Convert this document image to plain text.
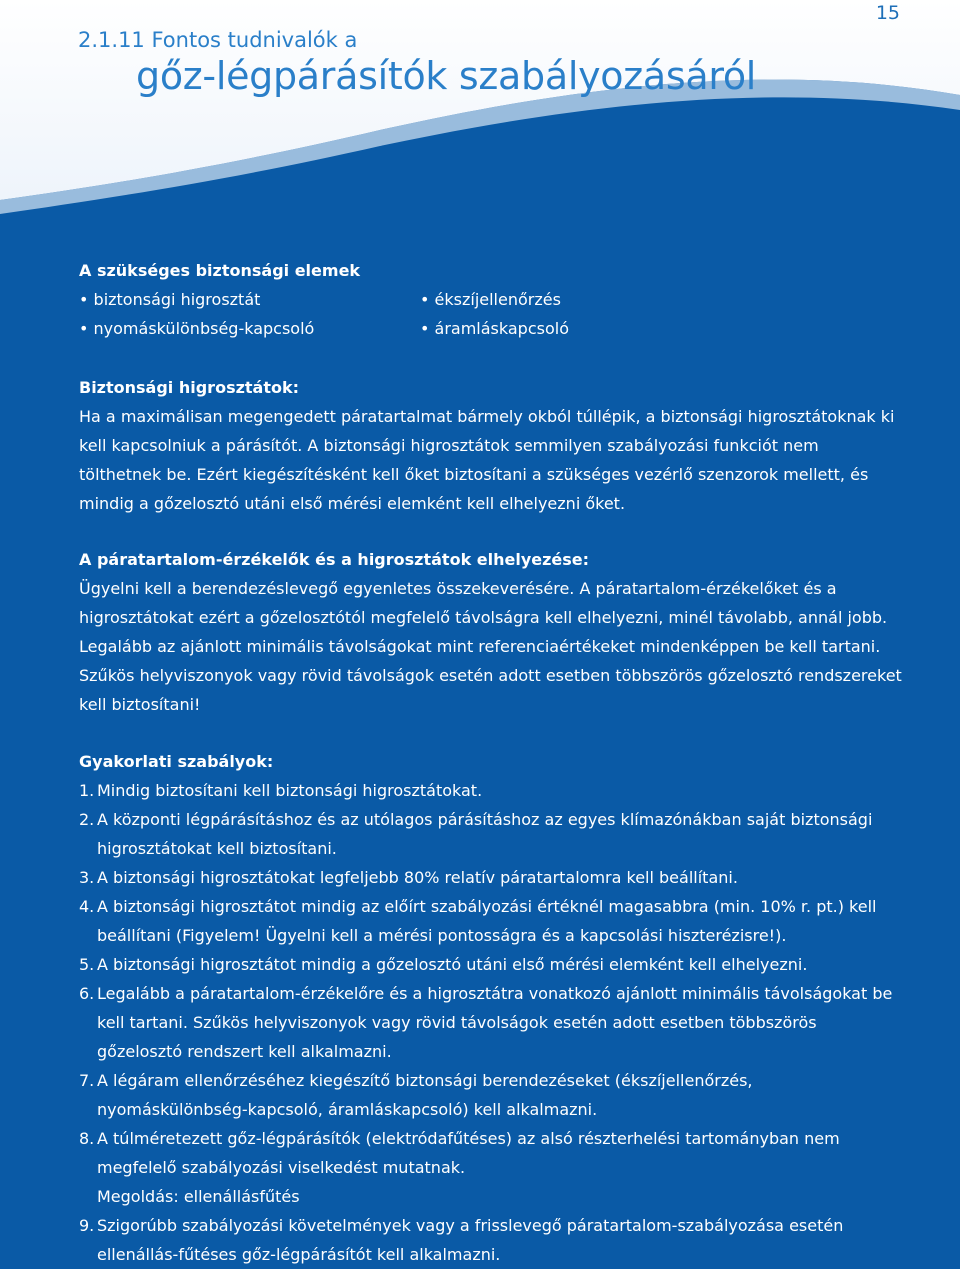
15
2.1.11 Fontos tudnivalók a
gőz-légpárásítók szabályozásáról
A szükséges biztonsági elemek
• biztonsági higrosztát	• ékszíjellenőrzés
• nyomáskülönbség-kapcsoló	• áramláskapcsoló
Biztonsági higrosztátok:

Ha a maximálisan megengedett páratartalmat bármely okból túllépik, a biztonsági higrosztátoknak ki kell kapcsolniuk a párásítót. A biztonsági higrosztátok semmilyen szabályozási funkciót nem tölthetnek be. Ezért kiegészítésként kell őket biztosítani a szükséges vezérlő szenzorok mellett, és mindig a gőzelosztó utáni első mérési elemként kell elhelyezni őket.

A páratartalom-érzékelők és a higrosztátok elhelyezése:

Ügyelni kell a berendezéslevegő egyenletes összekeverésére. A páratartalom-érzékelőket és a higrosztátokat ezért a gőzelosztótól megfelelő távolságra kell elhelyezni, minél távolabb, annál jobb. Legalább az ajánlott minimális távolságokat mint referenciaértékeket mindenképpen be kell tartani. Szűkös helyviszonyok vagy rövid távolságok esetén adott esetben többszörös gőzelosztó rendszereket kell biztosítani!

Gyakorlati szabályok:
1. Mindig biztosítani kell biztonsági higrosztátokat.
2. A központi légpárásításhoz és az utólagos párásításhoz az egyes klímazónákban saját biztonsági higrosztátokat kell biztosítani.
3. A biztonsági higrosztátokat legfeljebb 80% relatív páratartalomra kell beállítani.
4. A biztonsági higrosztátot mindig az előírt szabályozási értéknél magasabbra (min. 10% r. pt.) kell beállítani (Figyelem! Ügyelni kell a mérési pontosságra és a kapcsolási hiszterézisre!).
5. A biztonsági higrosztátot mindig a gőzelosztó utáni első mérési elemként kell elhelyezni.
6. Legalább a páratartalom-érzékelőre és a higrosztátra vonatkozó ajánlott minimális távolságokat be kell tartani. Szűkös helyviszonyok vagy rövid távolságok esetén adott esetben többszörös gőzelosztó rendszert kell alkalmazni.
7. A légáram ellenőrzéséhez kiegészítő biztonsági berendezéseket (ékszíjellenőrzés, nyomáskülönbség-kapcsoló, áramláskapcsoló) kell alkalmazni.
8. A túlméretezett gőz-légpárásítók (elektródafűtéses) az alsó részterhelési tartományban nem megfelelő szabályozási viselkedést mutatnak.
Megoldás: ellenállásfűtés
9. Szigorúbb szabályozási követelmények vagy a frisslevegő páratartalom-szabályozása esetén ellenállás-fűtéses gőz-légpárásítót kell alkalmazni.
